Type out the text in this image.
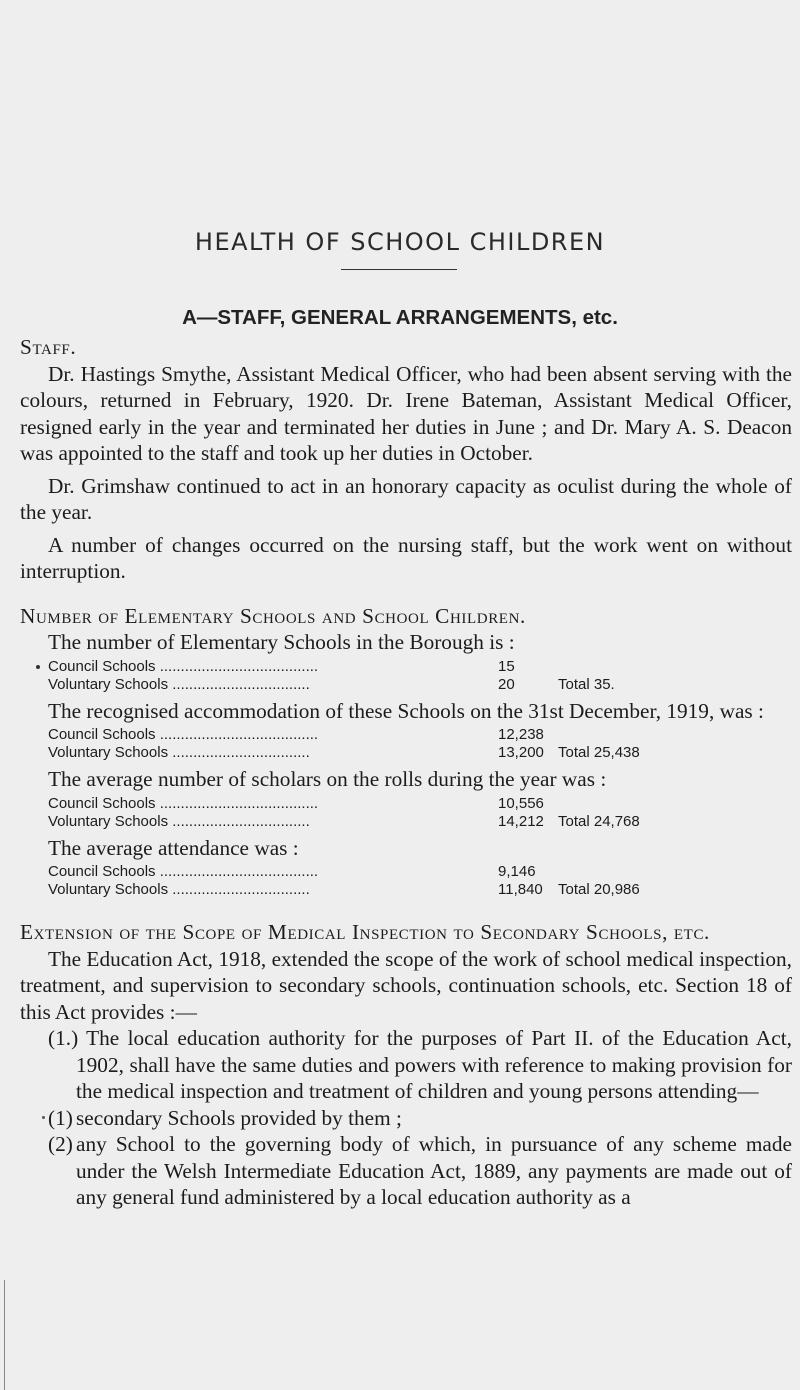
HEALTH OF SCHOOL CHILDREN
A—STAFF, GENERAL ARRANGEMENTS, etc.

Staff.

Dr. Hastings Smythe, Assistant Medical Officer, who had been absent serving with the colours, returned in February, 1920. Dr. Irene Bateman, Assistant Medical Officer, resigned early in the year and terminated her duties in June ; and Dr. Mary A. S. Deacon was appointed to the staff and took up her duties in October.

Dr. Grimshaw continued to act in an honorary capacity as oculist during the whole of the year.

A number of changes occurred on the nursing staff, but the work went on without interruption.

Number of Elementary Schools and School Children.

The number of Elementary Schools in the Borough is :

Council Schools ......................................	15
Voluntary Schools .................................	20	Total 35.

The recognised accommodation of these Schools on the 31st December, 1919, was :

Council Schools ......................................	12,238
Voluntary Schools .................................	13,200 Total 25,438

The average number of scholars on the rolls during the year was :

Council Schools ......................................	10,556
Voluntary Schools .................................	14,212 Total 24,768

The average attendance was :

Council Schools ......................................	9,146
Voluntary Schools .................................	11,840 Total 20,986

Extension of the Scope of Medical Inspection to Secondary Schools, etc.

The Education Act, 1918, extended the scope of the work of school medical inspection, treatment, and supervision to secondary schools, continuation schools, etc. Section 18 of this Act provides :—

(1.) The local education authority for the purposes of Part II. of the Education Act, 1902, shall have the same duties and powers with reference to making provision for the medical inspection and treatment of children and young persons attending—

(1) secondary Schools provided by them ;
(2) any School to the governing body of which, in pursuance of any scheme made under the Welsh Intermediate Education Act, 1889, any payments are made out of any general fund administered by a local education authority as a
